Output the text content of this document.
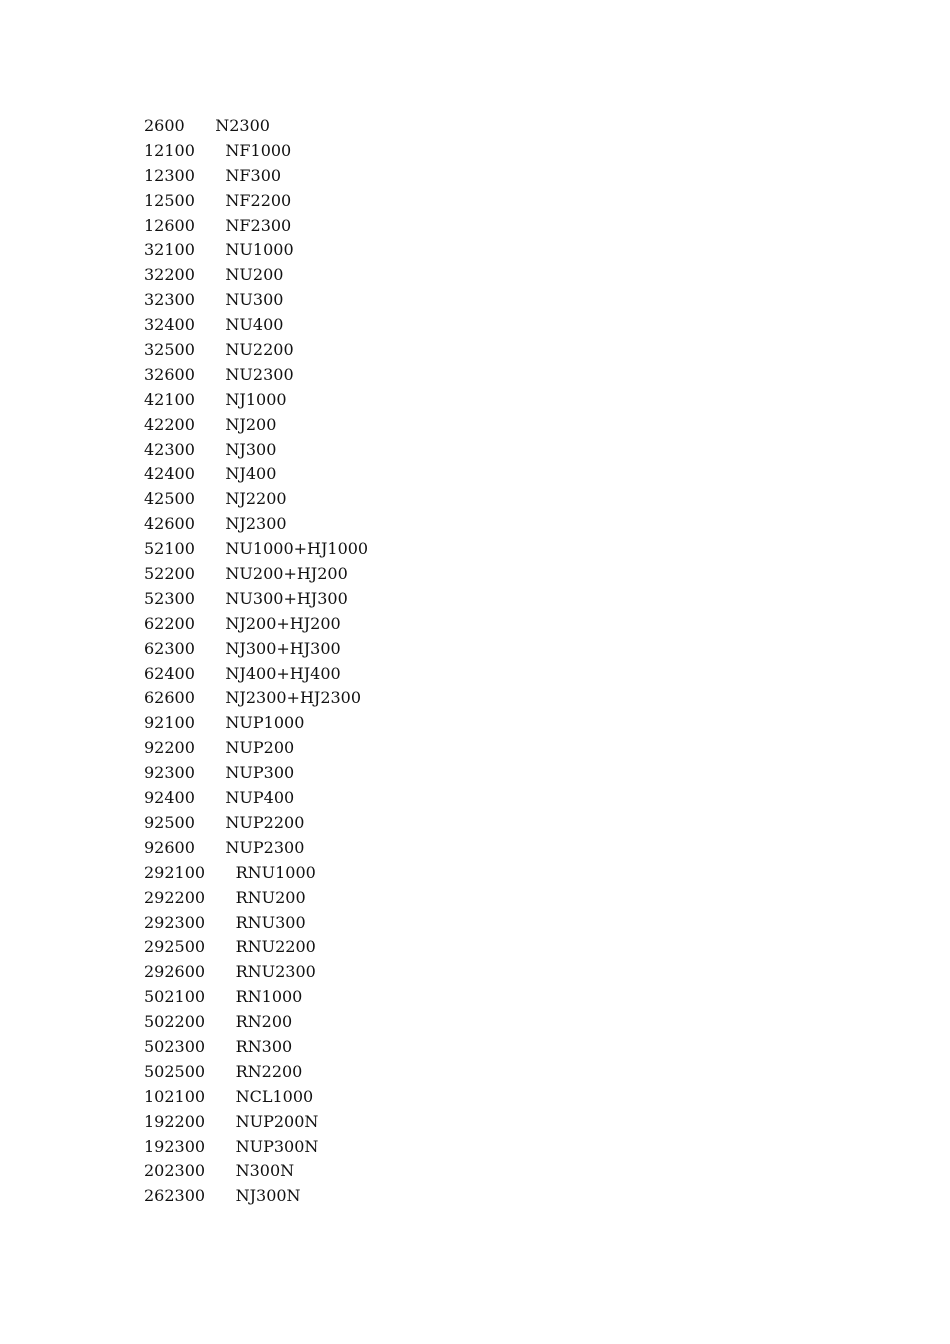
2600      N2300
12100      NF1000
12300      NF300
12500      NF2200
12600      NF2300
32100      NU1000
32200      NU200
32300      NU300
32400      NU400
32500      NU2200
32600      NU2300
42100      NJ1000
42200      NJ200
42300      NJ300
42400      NJ400
42500      NJ2200
42600      NJ2300
52100      NU1000+HJ1000
52200      NU200+HJ200
52300      NU300+HJ300
62200      NJ200+HJ200
62300      NJ300+HJ300
62400      NJ400+HJ400
62600      NJ2300+HJ2300
92100      NUP1000
92200      NUP200
92300      NUP300
92400      NUP400
92500      NUP2200
92600      NUP2300
292100      RNU1000
292200      RNU200
292300      RNU300
292500      RNU2200
292600      RNU2300
502100      RN1000
502200      RN200
502300      RN300
502500      RN2200
102100      NCL1000
192200      NUP200N
192300      NUP300N
202300      N300N
262300      NJ300N
